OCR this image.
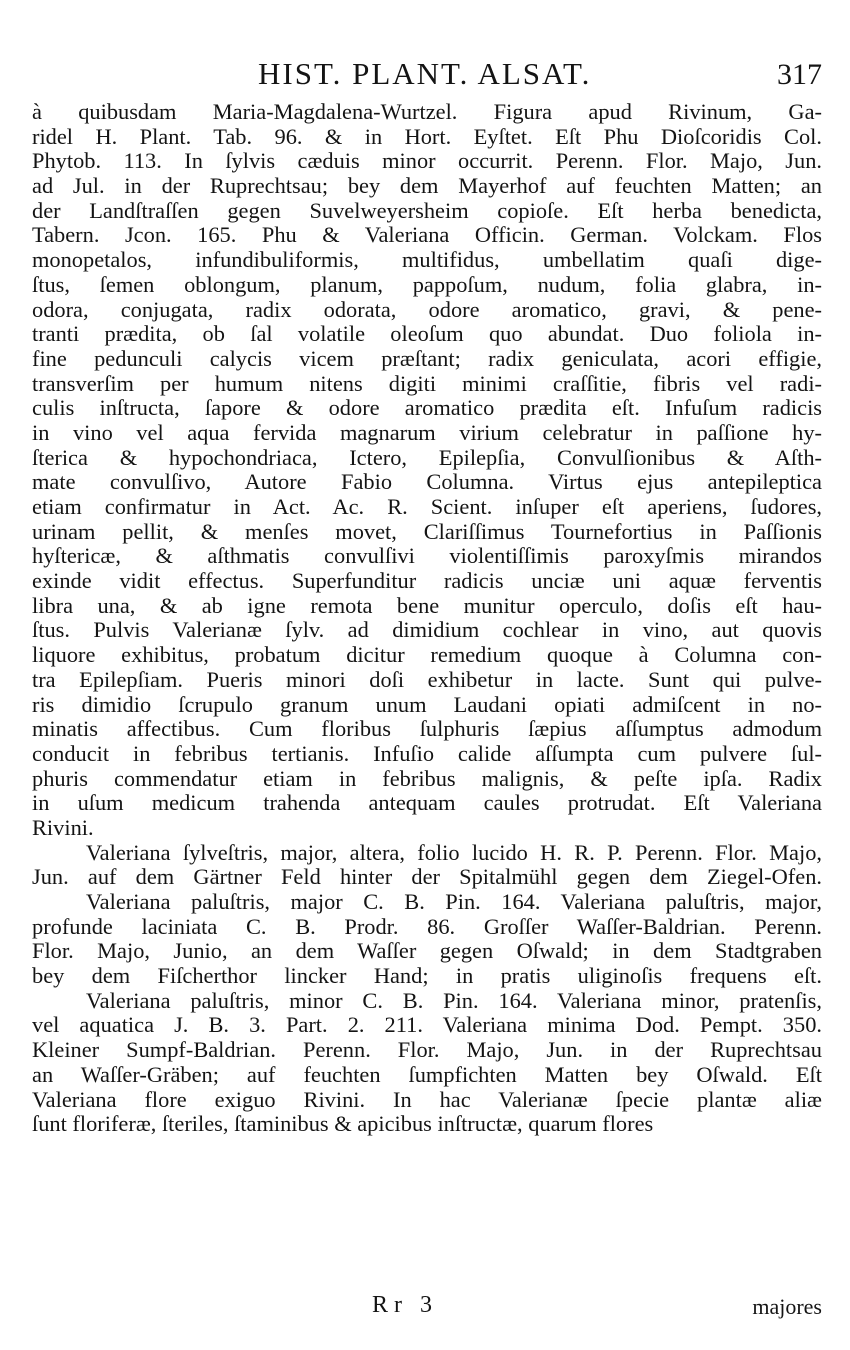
HIST. PLANT. ALSAT.	317
à quibusdam Maria-Magdalena-Wurtzel. Figura apud Rivinum, Ga-
ridel H. Plant. Tab. 96. & in Hort. Eyſtet. Eſt Phu Dioſcoridis Col.
Phytob. 113. In ſylvis cæduis minor occurrit. Perenn. Flor. Majo, Jun.
ad Jul. in der Ruprechtsau; bey dem Mayerhof auf feuchten Matten; an
der Landſtraſſen gegen Suvelweyersheim copioſe. Eſt herba benedicta,
Tabern. Jcon. 165. Phu & Valeriana Officin. German. Volckam. Flos
monopetalos, infundibuliformis, multifidus, umbellatim quaſi dige-
ſtus, ſemen oblongum, planum, pappoſum, nudum, folia glabra, in-
odora, conjugata, radix odorata, odore aromatico, gravi, & pene-
tranti prædita, ob ſal volatile oleoſum quo abundat. Duo foliola in-
fine pedunculi calycis vicem præſtant; radix geniculata, acori effigie,
transverſim per humum nitens digiti minimi craſſitie, fibris vel radi-
culis inſtructa, ſapore & odore aromatico prædita eſt. Infuſum radicis
in vino vel aqua fervida magnarum virium celebratur in paſſione hy-
ſterica & hypochondriaca, Ictero, Epilepſia, Convulſionibus & Aſth-
mate convulſivo, Autore Fabio Columna. Virtus ejus antepileptica
etiam confirmatur in Act. Ac. R. Scient. inſuper eſt aperiens, ſudores,
urinam pellit, & menſes movet, Clariſſimus Tournefortius in Paſſionis
hyſtericæ, & aſthmatis convulſivi violentiſſimis paroxyſmis mirandos
exinde vidit effectus. Superfunditur radicis unciæ uni aquæ ferventis
libra una, & ab igne remota bene munitur operculo, doſis eſt hau-
ſtus. Pulvis Valerianæ ſylv. ad dimidium cochlear in vino, aut quovis
liquore exhibitus, probatum dicitur remedium quoque à Columna con-
tra Epilepſiam. Pueris minori doſi exhibetur in lacte. Sunt qui pulve-
ris dimidio ſcrupulo granum unum Laudani opiati admiſcent in no-
minatis affectibus. Cum floribus ſulphuris ſæpius aſſumptus admodum
conducit in febribus tertianis. Infuſio calide aſſumpta cum pulvere ſul-
phuris commendatur etiam in febribus malignis, & peſte ipſa. Radix
in uſum medicum trahenda antequam caules protrudat. Eſt Valeriana
Rivini.
Valeriana ſylveſtris, major, altera, folio lucido H. R. P. Perenn. Flor. Majo,
Jun. auf dem Gärtner Feld hinter der Spitalmühl gegen dem Ziegel-Ofen.
Valeriana paluſtris, major C. B. Pin. 164. Valeriana paluſtris, major,
profunde laciniata C. B. Prodr. 86. Groſſer Waſſer-Baldrian. Perenn.
Flor. Majo, Junio, an dem Waſſer gegen Oſwald; in dem Stadtgraben
bey dem Fiſcherthor lincker Hand; in pratis uliginoſis frequens eſt.
Valeriana paluſtris, minor C. B. Pin. 164. Valeriana minor, pratenſis,
vel aquatica J. B. 3. Part. 2. 211. Valeriana minima Dod. Pempt. 350.
Kleiner Sumpf-Baldrian. Perenn. Flor. Majo, Jun. in der Ruprechtsau
an Waſſer-Gräben; auf feuchten ſumpfichten Matten bey Oſwald. Eſt
Valeriana flore exiguo Rivini. In hac Valerianæ ſpecie plantæ aliæ
ſunt floriferæ, ſteriles, ſtaminibus & apicibus inſtructæ, quarum flores
Rr 3	majores
